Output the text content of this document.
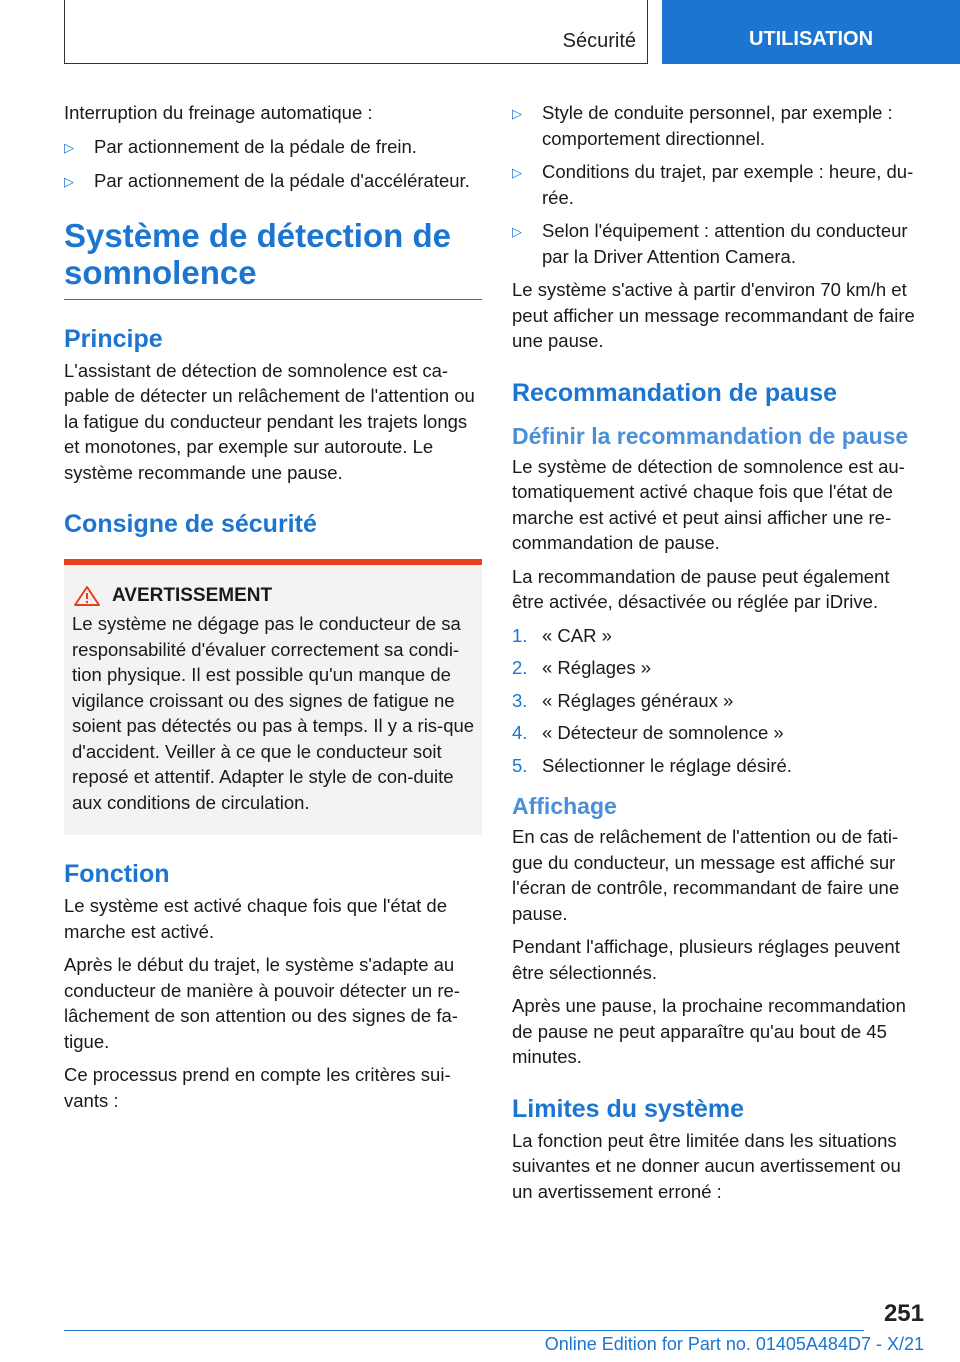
Sécurité	UTILISATION

Interruption du freinage automatique :

▷	Par actionnement de la pédale de frein.
▷	Par actionnement de la pédale d'accélérateur.
Système de détection de somnolence
Principe

L'assistant de détection de somnolence est ca-pable de détecter un relâchement de l'attention ou la fatigue du conducteur pendant les trajets longs et monotones, par exemple sur autoroute. Le système recommande une pause.

Consigne de sécurité
AVERTISSEMENT

Le système ne dégage pas le conducteur de sa responsabilité d'évaluer correctement sa condi-tion physique. Il est possible qu'un manque de vigilance croissant ou des signes de fatigue ne soient pas détectés ou pas à temps. Il y a ris-que d'accident. Veiller à ce que le conducteur soit reposé et attentif. Adapter le style de con-duite aux conditions de circulation.

Fonction

Le système est activé chaque fois que l'état de marche est activé.

Après le début du trajet, le système s'adapte au conducteur de manière à pouvoir détecter un re-lâchement de son attention ou des signes de fa-tigue.

Ce processus prend en compte les critères sui-vants :

▷	Style de conduite personnel, par exemple : comportement directionnel.
▷	Conditions du trajet, par exemple : heure, du-rée.
▷	Selon l'équipement : attention du conducteur par la Driver Attention Camera.

Le système s'active à partir d'environ 70 km/h et peut afficher un message recommandant de faire une pause.

Recommandation de pause
Définir la recommandation de pause

Le système de détection de somnolence est au-tomatiquement activé chaque fois que l'état de marche est activé et peut ainsi afficher une re-commandation de pause.

La recommandation de pause peut également être activée, désactivée ou réglée par iDrive.

1. « CAR »
2. « Réglages »
3. « Réglages généraux »
4. « Détecteur de somnolence »
5. Sélectionner le réglage désiré.
Affichage

En cas de relâchement de l'attention ou de fati-gue du conducteur, un message est affiché sur l'écran de contrôle, recommandant de faire une pause.

Pendant l'affichage, plusieurs réglages peuvent être sélectionnés.

Après une pause, la prochaine recommandation de pause ne peut apparaître qu'au bout de 45 minutes.

Limites du système

La fonction peut être limitée dans les situations suivantes et ne donner aucun avertissement ou un avertissement erroné :

251
Online Edition for Part no. 01405A484D7 - X/21
